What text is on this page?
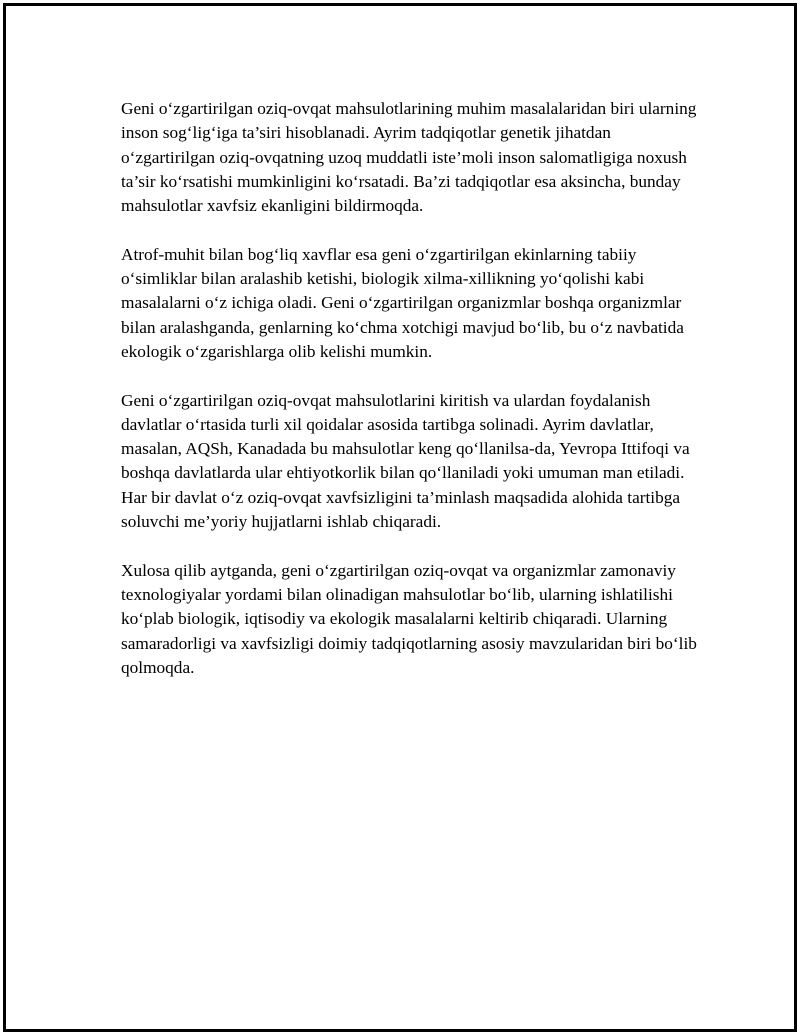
Geni o‘zgartirilgan oziq-ovqat mahsulotlarining muhim masalalaridan biri ularning inson sog‘lig‘iga ta’siri hisoblanadi. Ayrim tadqiqotlar genetik jihatdan o‘zgartirilgan oziq-ovqatning uzoq muddatli iste’moli inson salomatligiga noxush ta’sir ko‘rsatishi mumkinligini ko‘rsatadi. Ba’zi tadqiqotlar esa aksincha, bunday mahsulotlar xavfsiz ekanligini bildirmoqda.

Atrof-muhit bilan bog‘liq xavflar esa geni o‘zgartirilgan ekinlarning tabiiy o‘simliklar bilan aralashib ketishi, biologik xilma-xillikning yo‘qolishi kabi masalalarni o‘z ichiga oladi. Geni o‘zgartirilgan organizmlar boshqa organizmlar bilan aralashganda, genlarning ko‘chma xotchigi mavjud bo‘lib, bu o‘z navbatida ekologik o‘zgarishlarga olib kelishi mumkin.

Geni o‘zgartirilgan oziq-ovqat mahsulotlarini kiritish va ulardan foydalanish davlatlar o‘rtasida turli xil qoidalar asosida tartibga solinadi. Ayrim davlatlar, masalan, AQSh, Kanadada bu mahsulotlar keng qo‘llanilsa-da, Yevropa Ittifoqi va boshqa davlatlarda ular ehtiyotkorlik bilan qo‘llaniladi yoki umuman man etiladi. Har bir davlat o‘z oziq-ovqat xavfsizligini ta’minlash maqsadida alohida tartibga soluvchi me’yoriy hujjatlarni ishlab chiqaradi.

Xulosa qilib aytganda, geni o‘zgartirilgan oziq-ovqat va organizmlar zamonaviy texnologiyalar yordami bilan olinadigan mahsulotlar bo‘lib, ularning ishlatilishi ko‘plab biologik, iqtisodiy va ekologik masalalarni keltirib chiqaradi. Ularning samaradorligi va xavfsizligi doimiy tadqiqotlarning asosiy mavzularidan biri bo‘lib qolmoqda.
